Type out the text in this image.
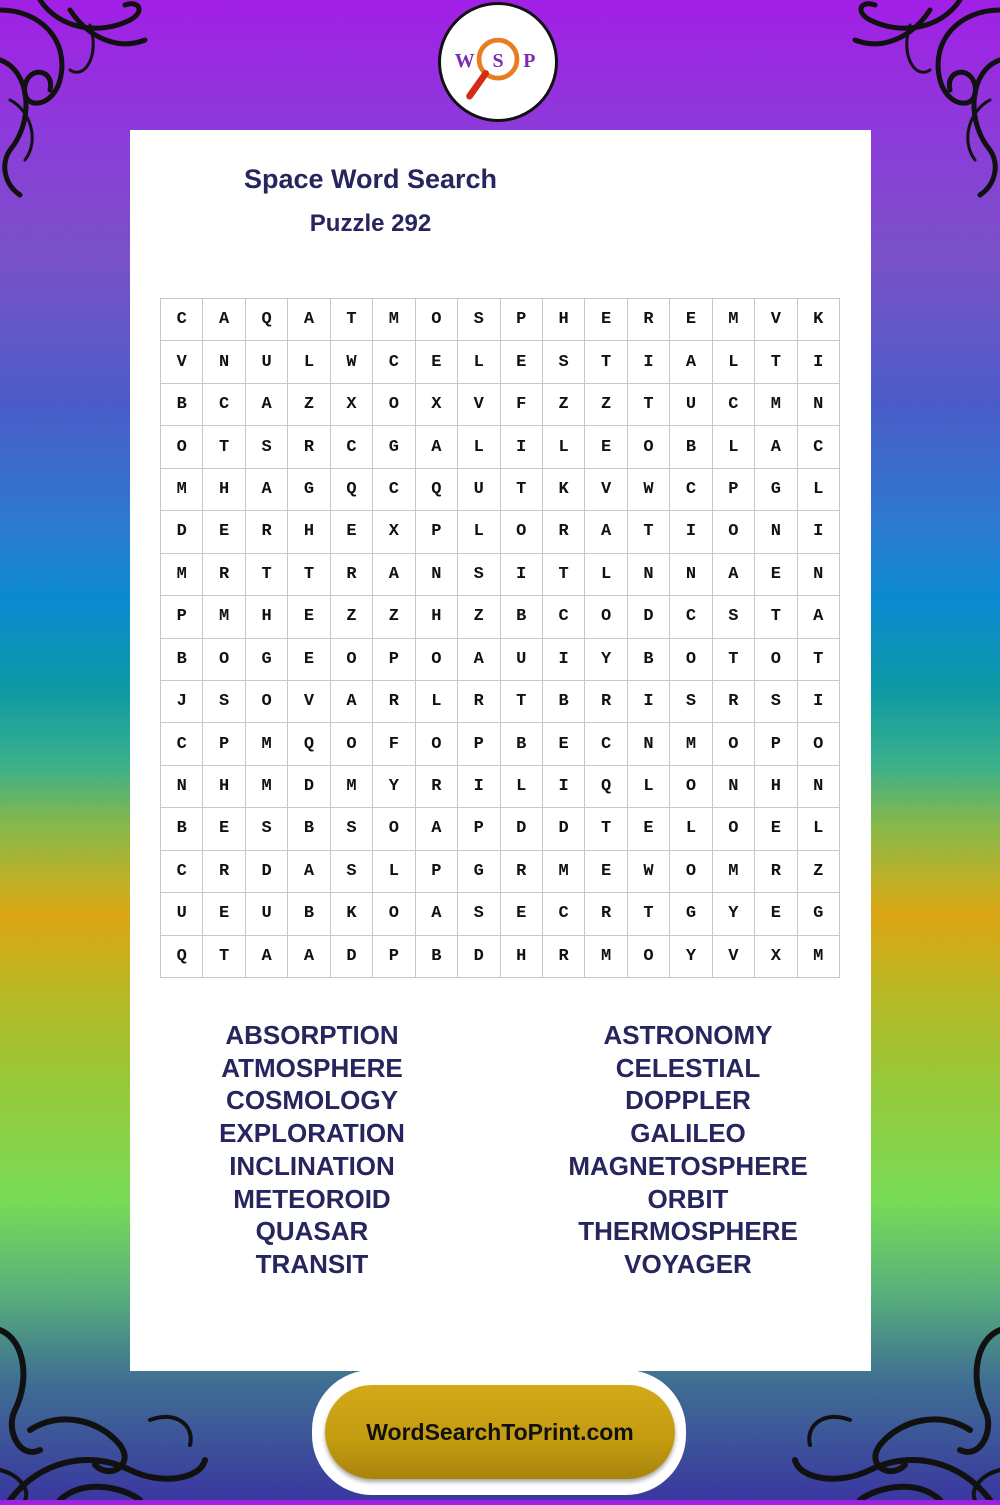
W S P
Space Word Search
Puzzle 292
C	A	Q	A	T	M	O	S	P	H	E	R	E	M	V	K
V	N	U	L	W	C	E	L	E	S	T	I	A	L	T	I
B	C	A	Z	X	O	X	V	F	Z	Z	T	U	C	M	N
O	T	S	R	C	G	A	L	I	L	E	O	B	L	A	C
M	H	A	G	Q	C	Q	U	T	K	V	W	C	P	G	L
D	E	R	H	E	X	P	L	O	R	A	T	I	O	N	I
M	R	T	T	R	A	N	S	I	T	L	N	N	A	E	N
P	M	H	E	Z	Z	H	Z	B	C	O	D	C	S	T	A
B	O	G	E	O	P	O	A	U	I	Y	B	O	T	O	T
J	S	O	V	A	R	L	R	T	B	R	I	S	R	S	I
C	P	M	Q	O	F	O	P	B	E	C	N	M	O	P	O
N	H	M	D	M	Y	R	I	L	I	Q	L	O	N	H	N
B	E	S	B	S	O	A	P	D	D	T	E	L	O	E	L
C	R	D	A	S	L	P	G	R	M	E	W	O	M	R	Z
U	E	U	B	K	O	A	S	E	C	R	T	G	Y	E	G
Q	T	A	A	D	P	B	D	H	R	M	O	Y	V	X	M
ABSORPTION
ATMOSPHERE
COSMOLOGY
EXPLORATION
INCLINATION
METEOROID
QUASAR
TRANSIT
ASTRONOMY
CELESTIAL
DOPPLER
GALILEO
MAGNETOSPHERE
ORBIT
THERMOSPHERE
VOYAGER
WordSearchToPrint.com
